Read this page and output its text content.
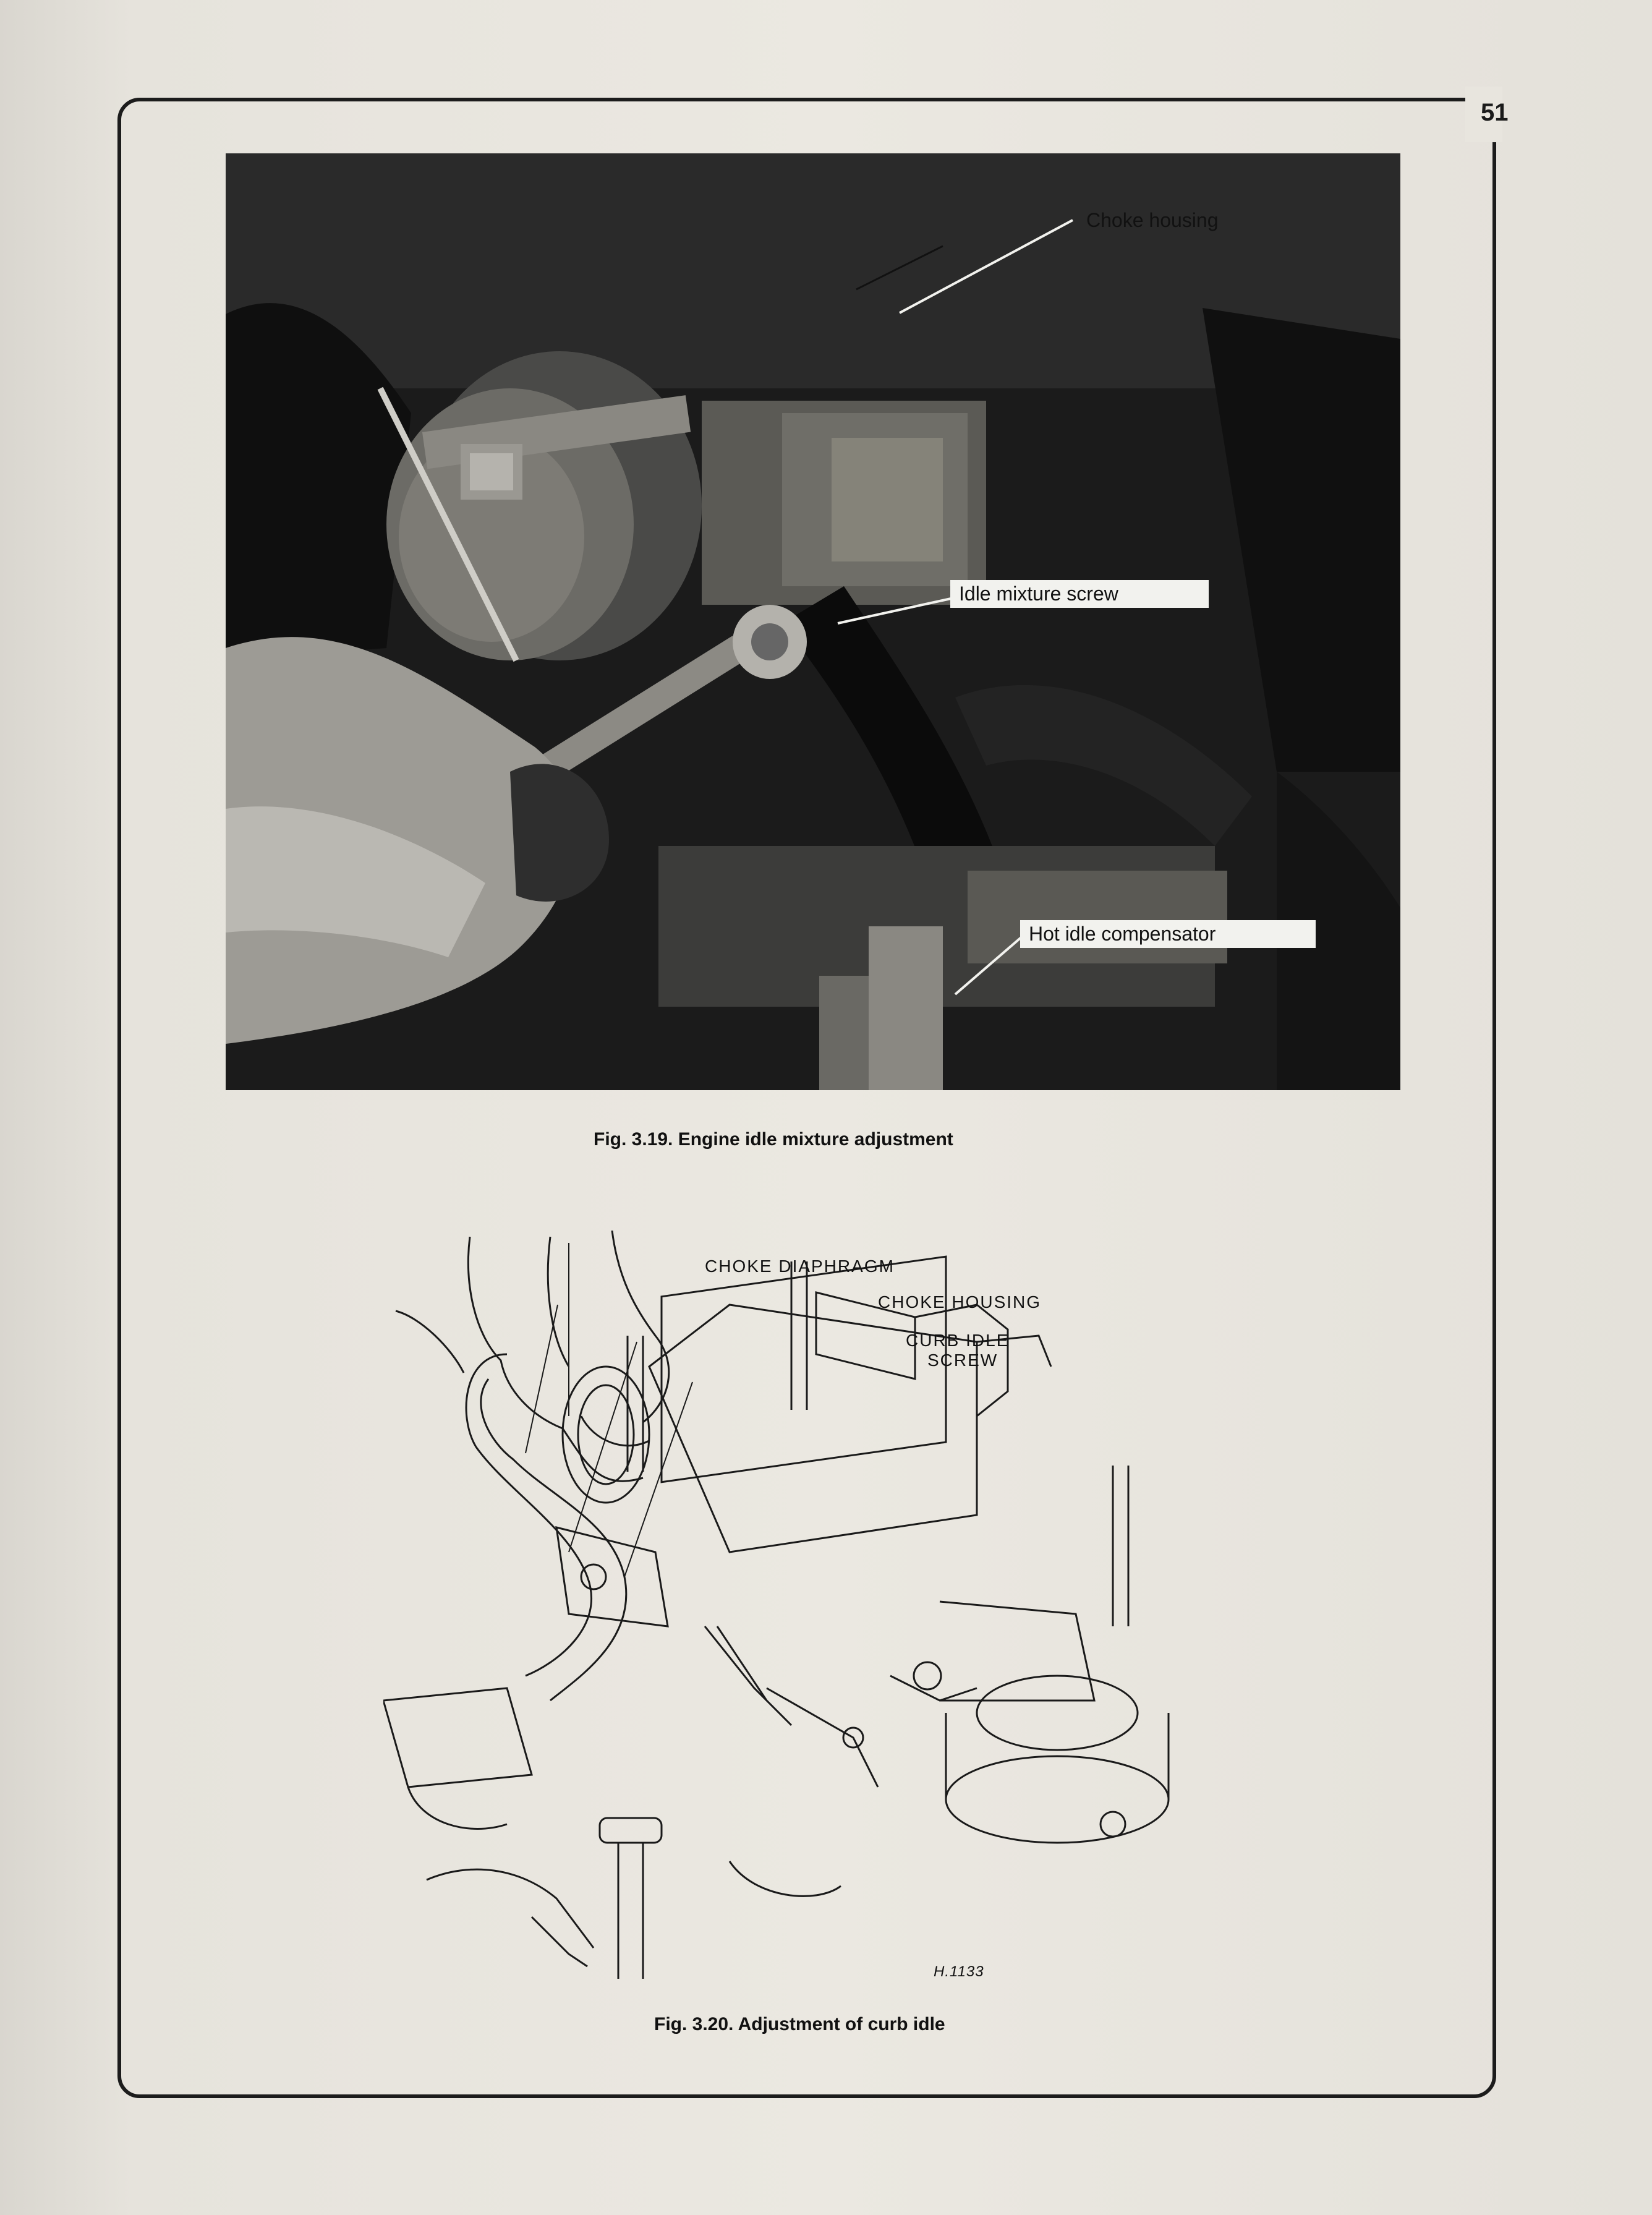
51
Choke housing
Idle mixture screw
Hot idle compensator
Fig. 3.19. Engine idle mixture adjustment
CHOKE DIAPHRAGM
CHOKE HOUSING
CURB IDLE
SCREW
H.1133
Fig. 3.20. Adjustment of curb idle
